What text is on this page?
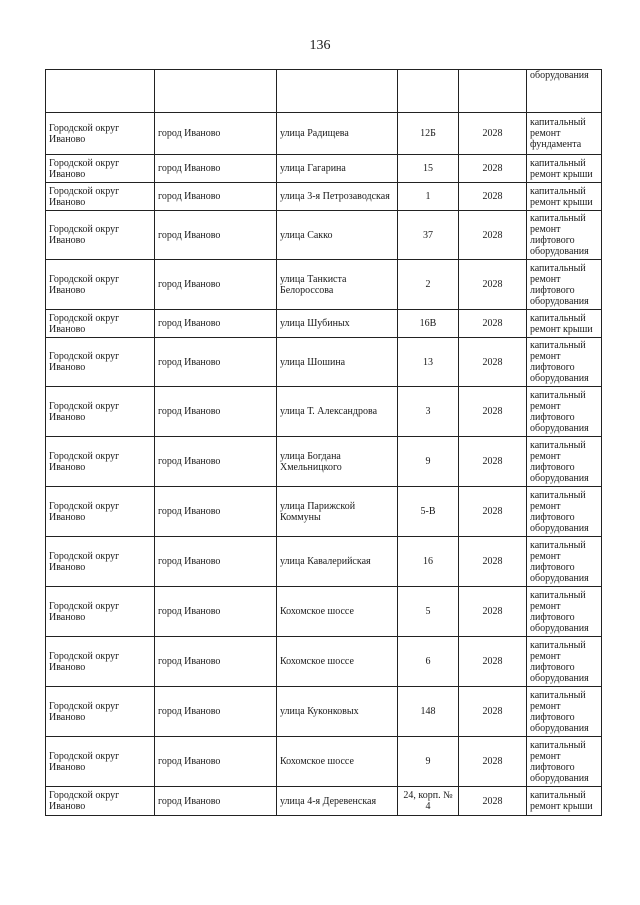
136
					оборудования
Городской округ Иваново	город Иваново	улица Радищева	12Б	2028	капитальный ремонт фундамента
Городской округ Иваново	город Иваново	улица Гагарина	15	2028	капитальный ремонт крыши
Городской округ Иваново	город Иваново	улица 3-я Петрозаводская	1	2028	капитальный ремонт крыши
Городской округ Иваново	город Иваново	улица Сакко	37	2028	капитальный ремонт лифтового оборудования
Городской округ Иваново	город Иваново	улица Танкиста Белороссова	2	2028	капитальный ремонт лифтового оборудования
Городской округ Иваново	город Иваново	улица Шубиных	16В	2028	капитальный ремонт крыши
Городской округ Иваново	город Иваново	улица Шошина	13	2028	капитальный ремонт лифтового оборудования
Городской округ Иваново	город Иваново	улица Т. Александрова	3	2028	капитальный ремонт лифтового оборудования
Городской округ Иваново	город Иваново	улица Богдана Хмельницкого	9	2028	капитальный ремонт лифтового оборудования
Городской округ Иваново	город Иваново	улица Парижской Коммуны	5-В	2028	капитальный ремонт лифтового оборудования
Городской округ Иваново	город Иваново	улица Кавалерийская	16	2028	капитальный ремонт лифтового оборудования
Городской округ Иваново	город Иваново	Кохомское шоссе	5	2028	капитальный ремонт лифтового оборудования
Городской округ Иваново	город Иваново	Кохомское шоссе	6	2028	капитальный ремонт лифтового оборудования
Городской округ Иваново	город Иваново	улица Куконковых	148	2028	капитальный ремонт лифтового оборудования
Городской округ Иваново	город Иваново	Кохомское шоссе	9	2028	капитальный ремонт лифтового оборудования
Городской округ Иваново	город Иваново	улица 4-я Деревенская	24, корп. № 4	2028	капитальный ремонт крыши
